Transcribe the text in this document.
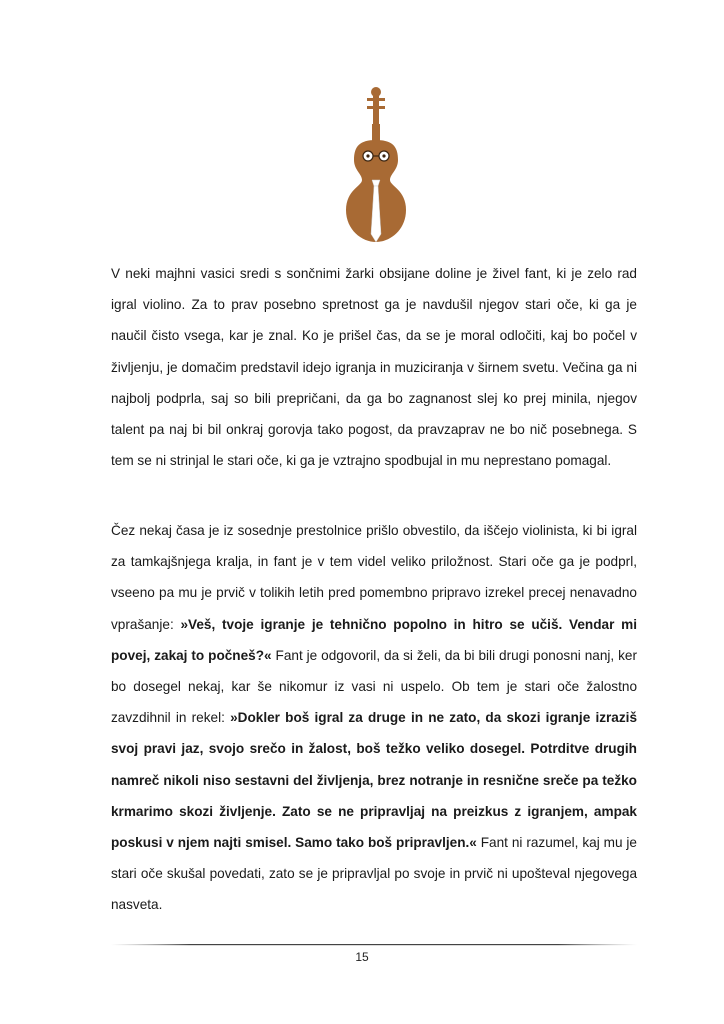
V neki majhni vasici sredi s sončnimi žarki obsijane doline je živel fant, ki je zelo rad igral violino. Za to prav posebno spretnost ga je navdušil njegov stari oče, ki ga je naučil čisto vsega, kar je znal. Ko je prišel čas, da se je moral odločiti, kaj bo počel v življenju, je domačim predstavil idejo igranja in muziciranja v širnem svetu. Večina ga ni najbolj podprla, saj so bili prepričani, da ga bo zagnanost slej ko prej minila, njegov talent pa naj bi bil onkraj gorovja tako pogost, da pravzaprav ne bo nič posebnega. S tem se ni strinjal le stari oče, ki ga je vztrajno spodbujal in mu neprestano pomagal.

Čez nekaj časa je iz sosednje prestolnice prišlo obvestilo, da iščejo violinista, ki bi igral za tamkajšnjega kralja, in fant je v tem videl veliko priložnost. Stari oče ga je podprl, vseeno pa mu je prvič v tolikih letih pred pomembno pripravo izrekel precej nenavadno vprašanje: »Veš, tvoje igranje je tehnično popolno in hitro se učiš. Vendar mi povej, zakaj to počneš?« Fant je odgovoril, da si želi, da bi bili drugi ponosni nanj, ker bo dosegel nekaj, kar še nikomur iz vasi ni uspelo. Ob tem je stari oče žalostno zavzdihnil in rekel: »Dokler boš igral za druge in ne zato, da skozi igranje izraziš svoj pravi jaz, svojo srečo in žalost, boš težko veliko dosegel. Potrditve drugih namreč nikoli niso sestavni del življenja, brez notranje in resnične sreče pa težko krmarimo skozi življenje. Zato se ne pripravljaj na preizkus z igranjem, ampak poskusi v njem najti smisel. Samo tako boš pripravljen.« Fant ni razumel, kaj mu je stari oče skušal povedati, zato se je pripravljal po svoje in prvič ni upošteval njegovega nasveta.

15
